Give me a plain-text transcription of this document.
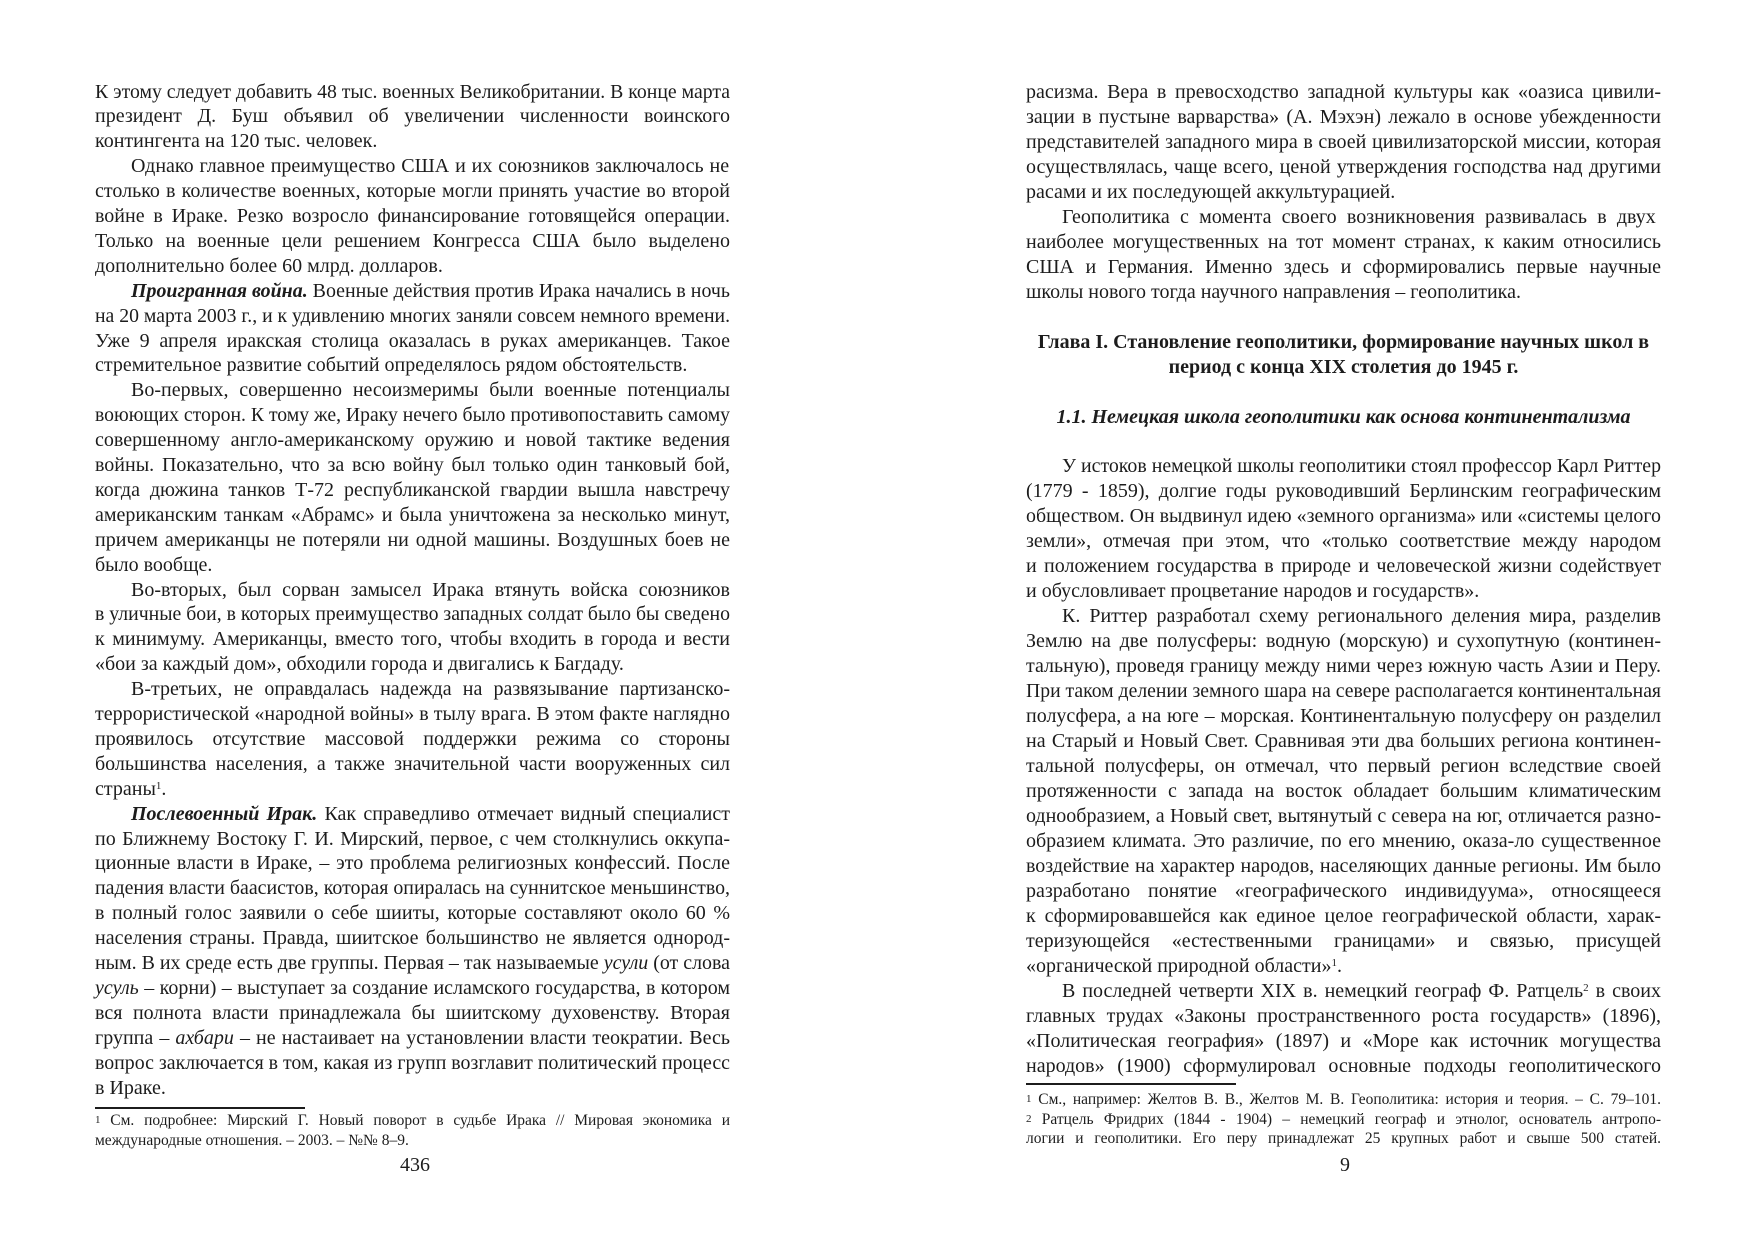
436
К этому следует добавить 48 тыс. военных Великобритании. В конце марта
президент Д. Буш объявил об увеличении численности воинского
контингента на 120 тыс. человек.
Однако главное преимущество США и их союзников заключалось не
столько в количестве военных, которые могли принять участие во второй
войне в Ираке. Резко возросло финансирование готовящейся операции.
Только на военные цели решением Конгресса США было выделено
дополнительно более 60 млрд. долларов.
Проигранная война. Военные действия против Ирака начались в ночь
на 20 марта 2003 г., и к удивлению многих заняли совсем немного времени.
Уже 9 апреля иракская столица оказалась в руках американцев. Такое
стремительное развитие событий определялось рядом обстоятельств.
Во-первых, совершенно несоизмеримы были военные потенциалы
воюющих сторон. К тому же, Ираку нечего было противопоставить самому
совершенному англо-американскому оружию и новой тактике ведения
войны. Показательно, что за всю войну был только один танковый бой,
когда дюжина танков Т-72 республиканской гвардии вышла навстречу
американским танкам «Абрамс» и была уничтожена за несколько минут,
причем американцы не потеряли ни одной машины. Воздушных боев не
было вообще.
Во-вторых, был сорван замысел Ирака втянуть войска союзников
в уличные бои, в которых преимущество западных солдат было бы сведено
к минимуму. Американцы, вместо того, чтобы входить в города и вести
«бои за каждый дом», обходили города и двигались к Багдаду.
В-третьих, не оправдалась надежда на развязывание партизанско-
террористической «народной войны» в тылу врага. В этом факте наглядно
проявилось отсутствие массовой поддержки режима со стороны
большинства населения, а также значительной части вооруженных сил
страны$^1$.
Послевоенный Ирак. Как справедливо отмечает видный специалист
по Ближнему Востоку Г. И. Мирский, первое, с чем столкнулись оккупа-
ционные власти в Ираке, – это проблема религиозных конфессий. После
падения власти баасистов, которая опиралась на суннитское меньшинство,
в полный голос заявили о себе шииты, которые составляют около 60 %
населения страны. Правда, шиитское большинство не является однород-
ным. В их среде есть две группы. Первая – так называемые усули (от слова
усуль – корни) – выступает за создание исламского государства, в котором
вся полнота власти принадлежала бы шиитскому духовенству. Вторая
группа – ахбари – не настаивает на установлении власти теократии. Весь
вопрос заключается в том, какая из групп возглавит политический процесс
в Ираке.
$^1$ См. подробнее: Мирский Г. Новый поворот в судьбе Ирака // Мировая экономика и
международные отношения. – 2003. – №№ 8–9.
9
расизма. Вера в превосходство западной культуры как «оазиса цивили-
зации в пустыне варварства» (А. Мэхэн) лежало в основе убежденности
представителей западного мира в своей цивилизаторской миссии, которая
осуществлялась, чаще всего, ценой утверждения господства над другими
расами и их последующей аккультурацией.
Геополитика с момента своего возникновения развивалась в двух
наиболее могущественных на тот момент странах, к каким относились
США и Германия. Именно здесь и сформировались первые научные
школы нового тогда научного направления – геополитика.
У истоков немецкой школы геополитики стоял профессор Карл Риттер
(1779 - 1859), долгие годы руководивший Берлинским географическим
обществом. Он выдвинул идею «земного организма» или «системы целого
земли», отмечая при этом, что «только соответствие между народом
и положением государства в природе и человеческой жизни содействует
и обусловливает процветание народов и государств».
К. Риттер разработал схему регионального деления мира, разделив
Землю на две полусферы: водную (морскую) и сухопутную (континен-
тальную), проведя границу между ними через южную часть Азии и Перу.
При таком делении земного шара на севере располагается континентальная
полусфера, а на юге – морская. Континентальную полусферу он разделил
на Старый и Новый Свет. Сравнивая эти два больших региона континен-
тальной полусферы, он отмечал, что первый регион вследствие своей
протяженности с запада на восток обладает большим климатическим
однообразием, а Новый свет, вытянутый с севера на юг, отличается разно-
образием климата. Это различие, по его мнению, оказа-ло существенное
воздействие на характер народов, населяющих данные регионы. Им было
разработано понятие «географического индивидуума», относящееся
к сформировавшейся как единое целое географической области, харак-
теризующейся «естественными границами» и связью, присущей
«органической природной области»$^1$.
В последней четверти XIX в. немецкий географ Ф. Ратцель$^2$ в своих
главных трудах «Законы пространственного роста государств» (1896),
«Политическая география» (1897) и «Море как источник могущества
народов» (1900) сформулировал основные подходы геополитического
$^1$ См., например: Желтов В. В., Желтов М. В. Геополитика: история и теория. – С. 79–101.
$^2$ Ратцель Фридрих (1844 - 1904) – немецкий географ и этнолог, основатель антропо-
логии и геополитики. Его перу принадлежат 25 крупных работ и свыше 500 статей.
Глава I. Становление геополитики, формирование научных школ в
период с конца XIX столетия до 1945 г.
1.1. Немецкая школа геополитики как основа континентализма
